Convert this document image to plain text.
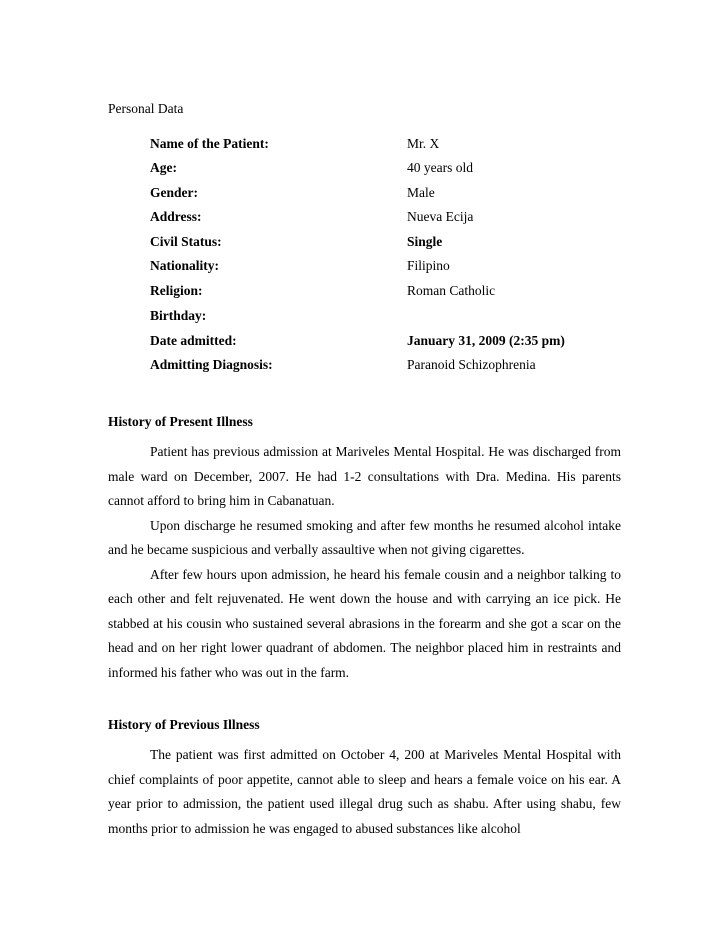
Personal Data
Name of the Patient:	Mr. X
Age:	40 years old
Gender:	Male
Address:	Nueva Ecija
Civil Status:	Single
Nationality:	Filipino
Religion:	Roman Catholic
Birthday:
Date admitted:	January 31, 2009 (2:35 pm)
Admitting Diagnosis:	Paranoid Schizophrenia
History of Present Illness

Patient has previous admission at Mariveles Mental Hospital. He was discharged from male ward on December, 2007. He had 1-2 consultations with Dra. Medina. His parents cannot afford to bring him in Cabanatuan.

Upon discharge he resumed smoking and after few months he resumed alcohol intake and he became suspicious and verbally assaultive when not giving cigarettes.

After few hours upon admission, he heard his female cousin and a neighbor talking to each other and felt rejuvenated. He went down the house and with carrying an ice pick. He stabbed at his cousin who sustained several abrasions in the forearm and she got a scar on the head and on her right lower quadrant of abdomen. The neighbor placed him in restraints and informed his father who was out in the farm.

History of Previous Illness

The patient was first admitted on October 4, 200 at Mariveles Mental Hospital with chief complaints of poor appetite, cannot able to sleep and hears a female voice on his ear. A year prior to admission, the patient used illegal drug such as shabu. After using shabu, few months prior to admission he was engaged to abused substances like alcohol
